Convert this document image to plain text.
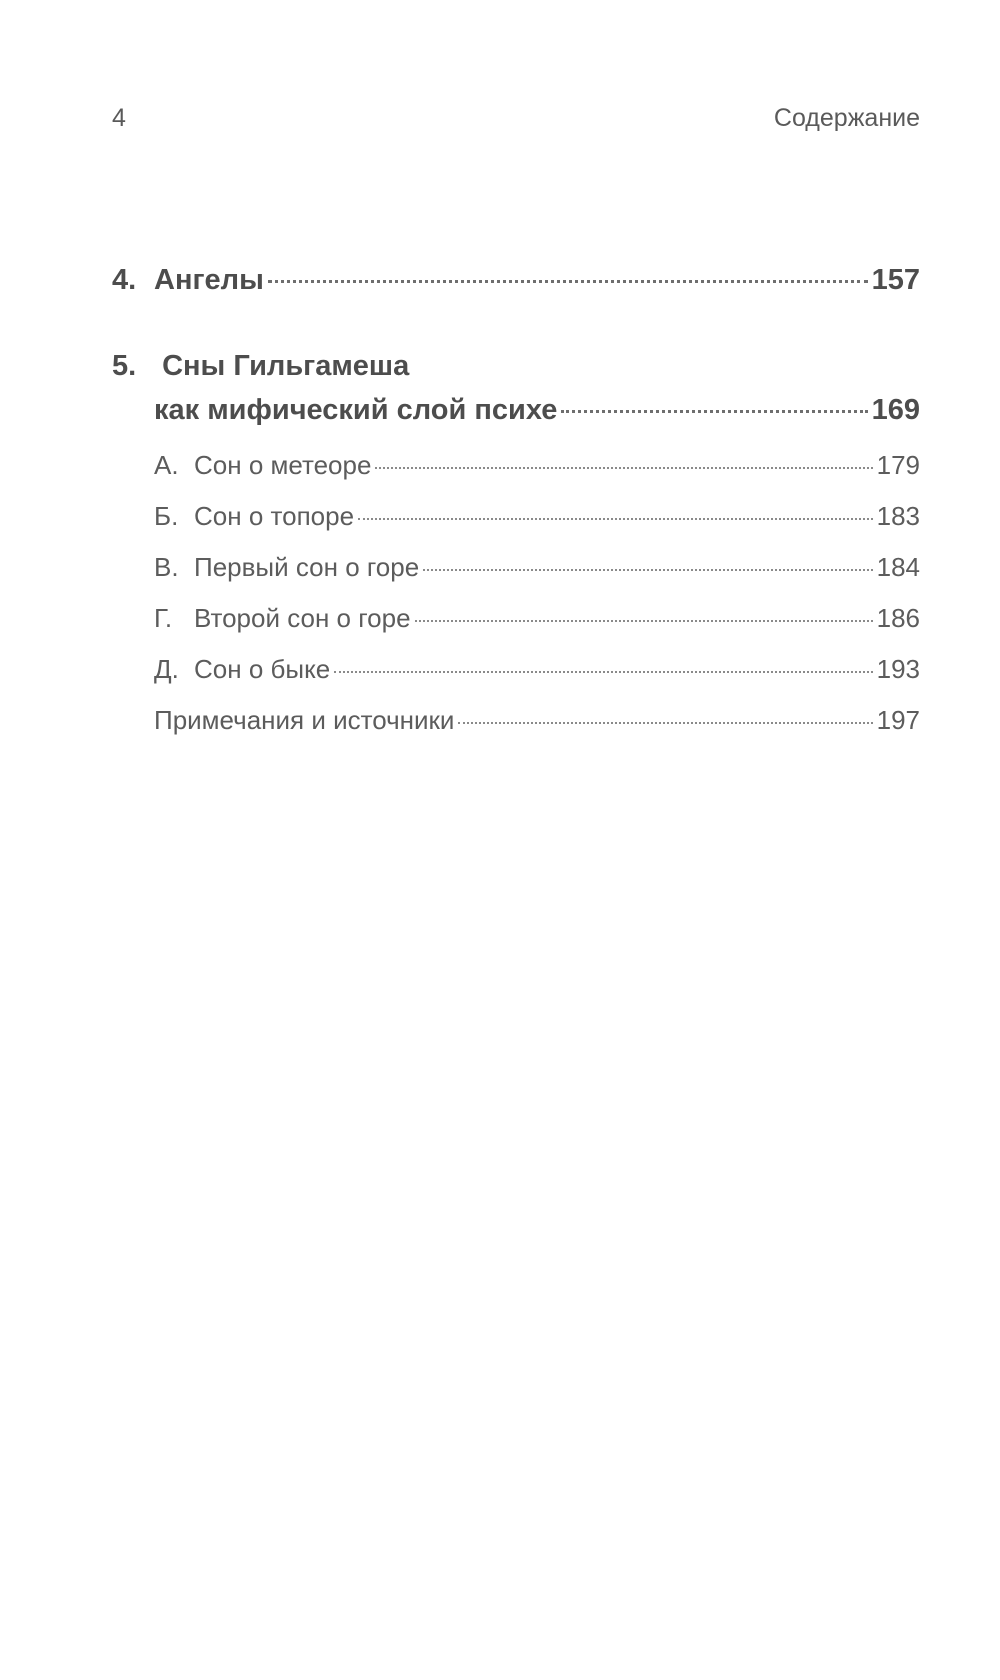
4	Содержание
4. Ангелы	157
5. Сны Гильгамеша
как мифический слой психе	169
А. Сон о метеоре	179
Б. Сон о топоре	183
В. Первый сон о горе	184
Г. Второй сон о горе	186
Д. Сон о быке	193
Примечания и источники	197
